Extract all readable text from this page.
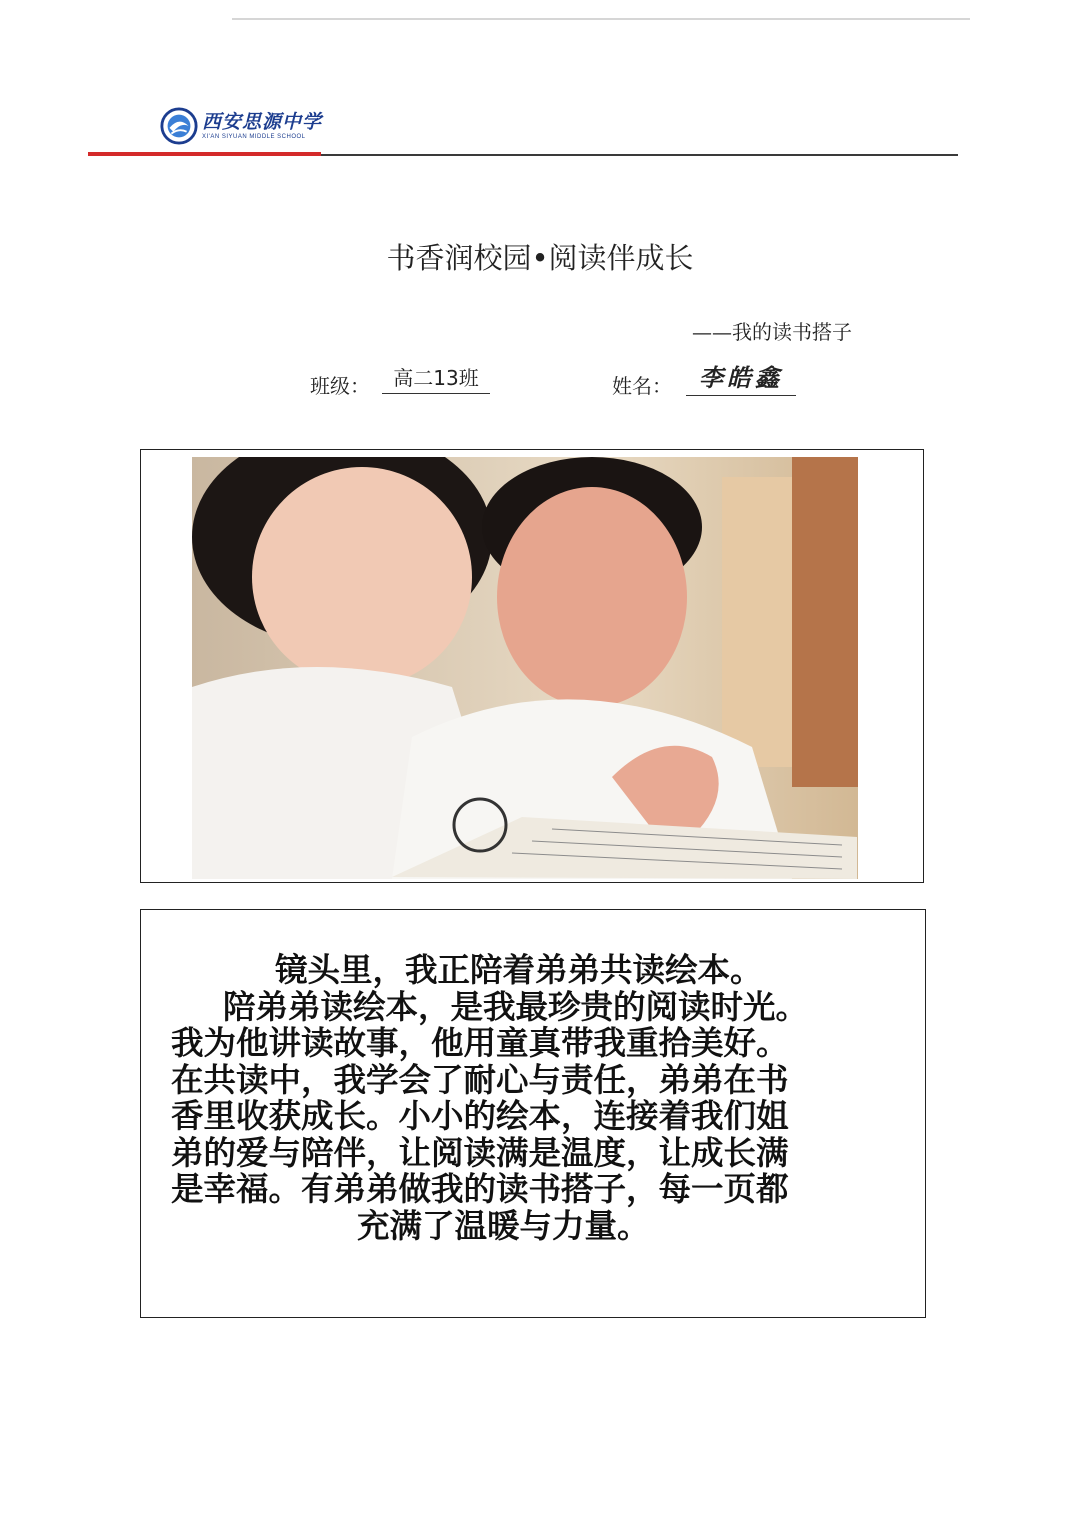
西安思源中学
XI'AN SIYUAN MIDDLE SCHOOL
书香润校园•阅读伴成长
——我的读书搭子
班级：	高二13班	姓名：	李皓鑫
镜头里，我正陪着弟弟共读绘本。
陪弟弟读绘本，是我最珍贵的阅读时光。
我为他讲读故事，他用童真带我重拾美好。
在共读中，我学会了耐心与责任，弟弟在书
香里收获成长。小小的绘本，连接着我们姐
弟的爱与陪伴，让阅读满是温度，让成长满
是幸福。有弟弟做我的读书搭子，每一页都
充满了温暖与力量。
